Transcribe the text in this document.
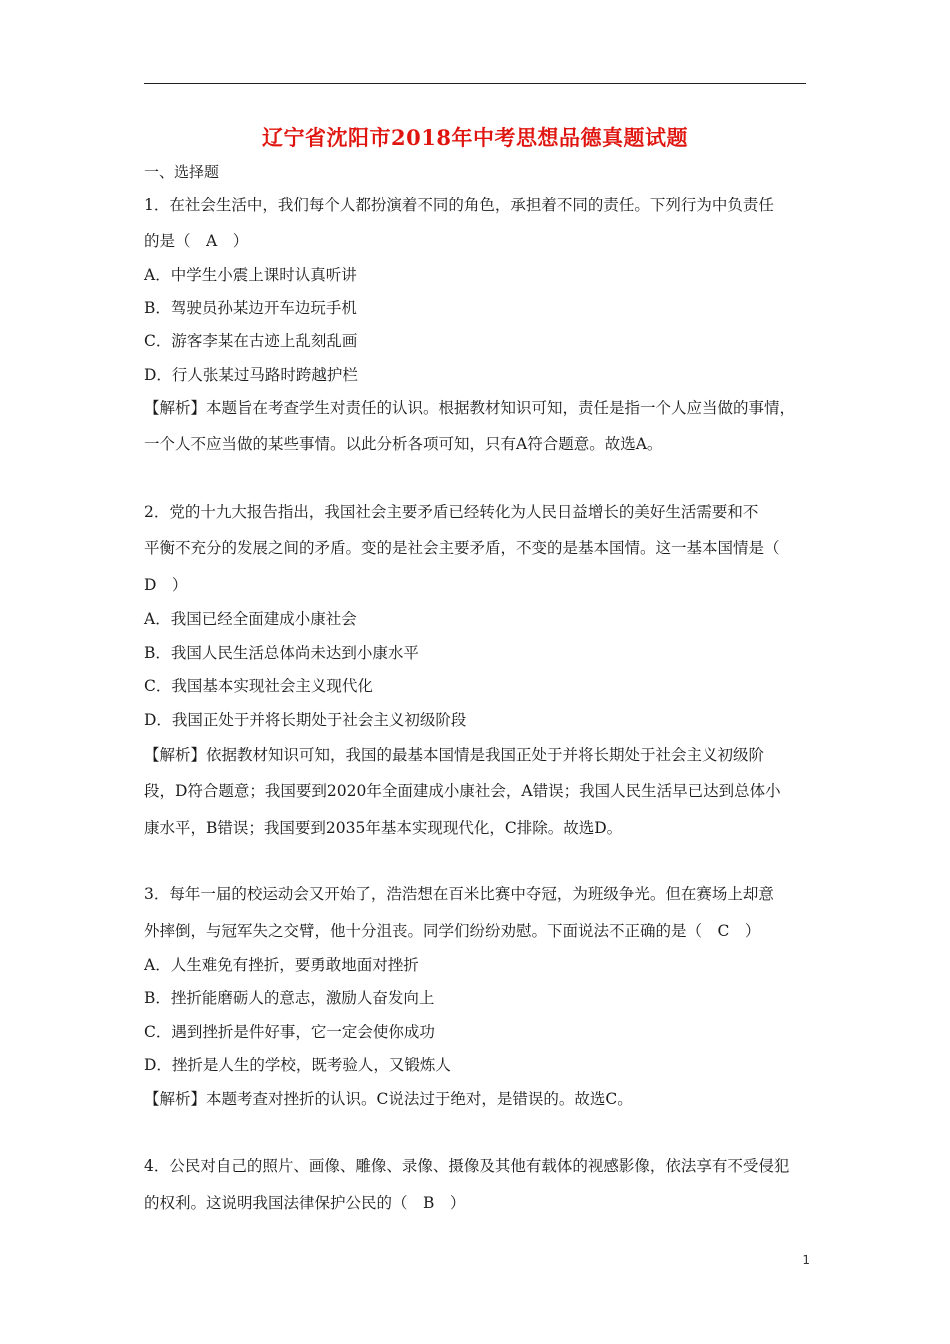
辽宁省沈阳市2018年中考思想品德真题试题
一、选择题
1．在社会生活中，我们每个人都扮演着不同的角色，承担着不同的责任。下列行为中负责任
的是（　A　）
A．中学生小震上课时认真听讲
B．驾驶员孙某边开车边玩手机
C．游客李某在古迹上乱刻乱画
D．行人张某过马路时跨越护栏
【解析】本题旨在考查学生对责任的认识。根据教材知识可知，责任是指一个人应当做的事情，
一个人不应当做的某些事情。以此分析各项可知，只有A符合题意。故选A。
2．党的十九大报告指出，我国社会主要矛盾已经转化为人民日益增长的美好生活需要和不
平衡不充分的发展之间的矛盾。变的是社会主要矛盾，不变的是基本国情。这一基本国情是（
D　）
A．我国已经全面建成小康社会
B．我国人民生活总体尚未达到小康水平
C．我国基本实现社会主义现代化
D．我国正处于并将长期处于社会主义初级阶段
【解析】依据教材知识可知，我国的最基本国情是我国正处于并将长期处于社会主义初级阶
段，D符合题意；我国要到2020年全面建成小康社会，A错误；我国人民生活早已达到总体小
康水平，B错误；我国要到2035年基本实现现代化，C排除。故选D。
3．每年一届的校运动会又开始了，浩浩想在百米比赛中夺冠，为班级争光。但在赛场上却意
外摔倒，与冠军失之交臂，他十分沮丧。同学们纷纷劝慰。下面说法不正确的是（　C　）
A．人生难免有挫折，要勇敢地面对挫折
B．挫折能磨砺人的意志，激励人奋发向上
C．遇到挫折是件好事，它一定会使你成功
D．挫折是人生的学校，既考验人，又锻炼人
【解析】本题考查对挫折的认识。C说法过于绝对，是错误的。故选C。
4．公民对自己的照片、画像、雕像、录像、摄像及其他有载体的视感影像，依法享有不受侵犯
的权利。这说明我国法律保护公民的（　B　）
1
